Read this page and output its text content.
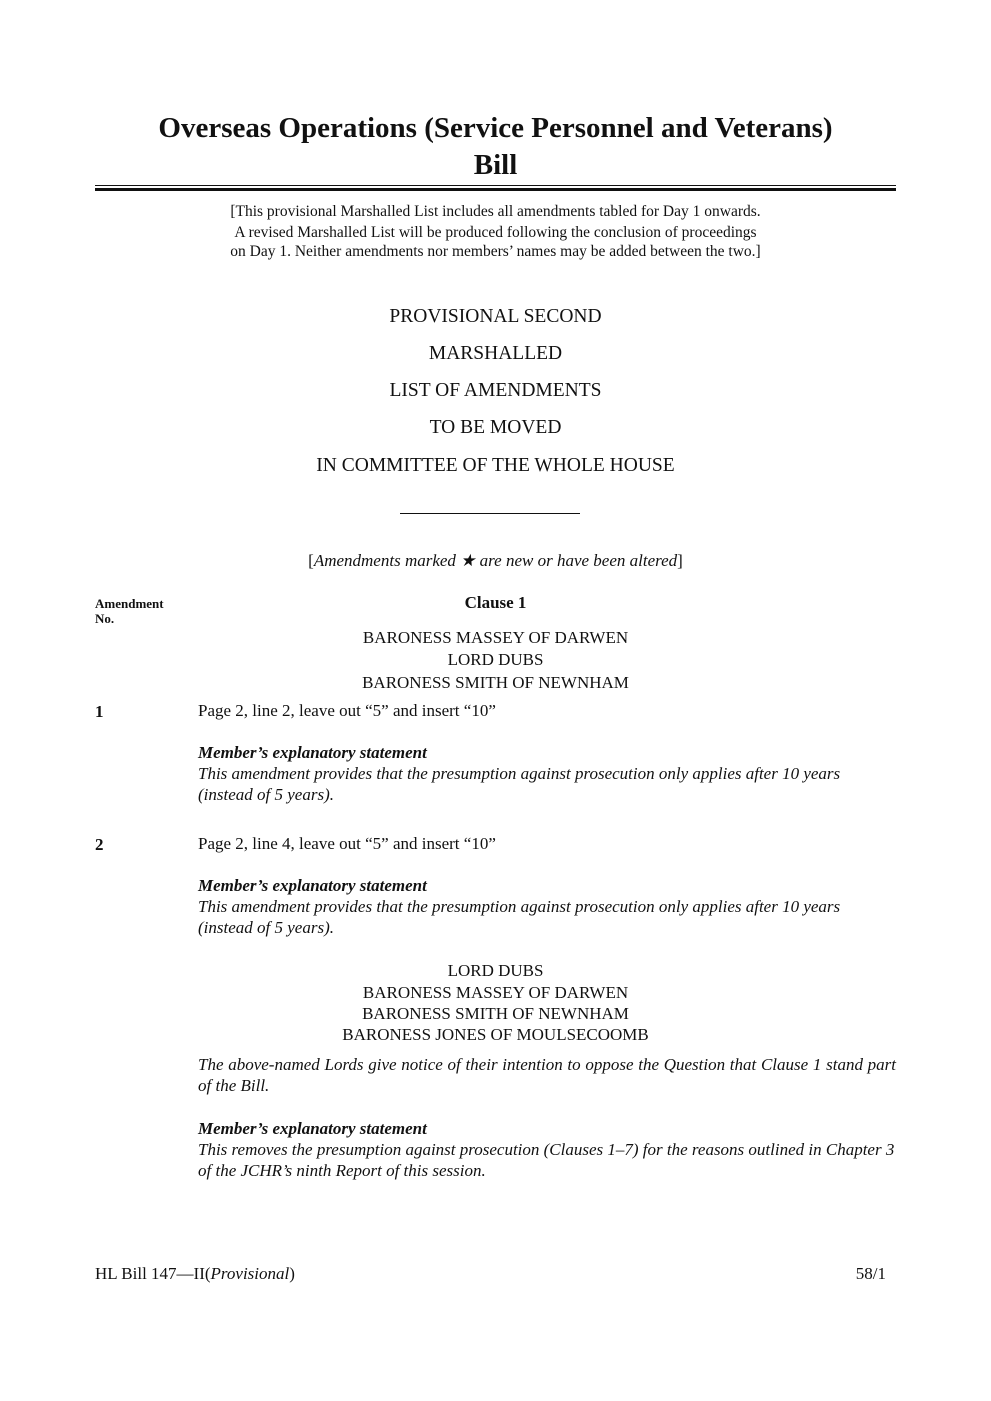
Overseas Operations (Service Personnel and Veterans)
Bill
[This provisional Marshalled List includes all amendments tabled for Day 1 onwards.
A revised Marshalled List will be produced following the conclusion of proceedings
on Day 1. Neither amendments nor members’ names may be added between the two.]
PROVISIONAL SECOND
MARSHALLED
LIST OF AMENDMENTS
TO BE MOVED
IN COMMITTEE OF THE WHOLE HOUSE
[Amendments marked ★ are new or have been altered]
Amendment
No.
Clause 1
BARONESS MASSEY OF DARWEN
LORD DUBS
BARONESS SMITH OF NEWNHAM
1	Page 2, line 2, leave out “5” and insert “10”
Member’s explanatory statement
This amendment provides that the presumption against prosecution only applies after 10 years (instead of 5 years).
2	Page 2, line 4, leave out “5” and insert “10”
Member’s explanatory statement
This amendment provides that the presumption against prosecution only applies after 10 years (instead of 5 years).
LORD DUBS
BARONESS MASSEY OF DARWEN
BARONESS SMITH OF NEWNHAM
BARONESS JONES OF MOULSECOOMB
The above-named Lords give notice of their intention to oppose the Question that Clause 1 stand part of the Bill.
Member’s explanatory statement
This removes the presumption against prosecution (Clauses 1–7) for the reasons outlined in Chapter 3 of the JCHR’s ninth Report of this session.
HL Bill 147—II(Provisional)	58/1
